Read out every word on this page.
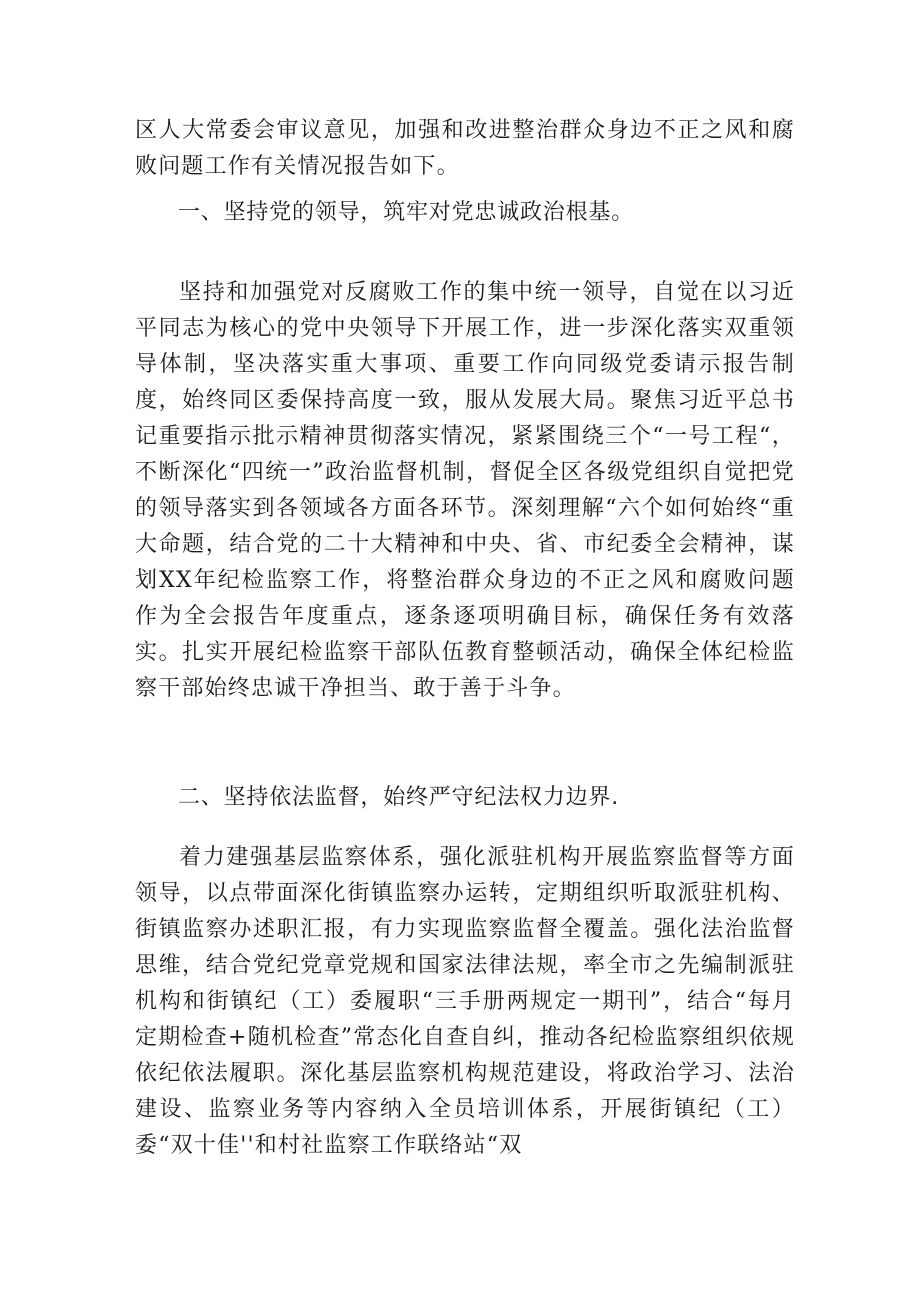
区人大常委会审议意见，加强和改进整治群众身边不正之风和腐败问题工作有关情况报告如下。

一、坚持党的领导，筑牢对党忠诚政治根基。

坚持和加强党对反腐败工作的集中统一领导，自觉在以习近平同志为核心的党中央领导下开展工作，进一步深化落实双重领导体制，坚决落实重大事项、重要工作向同级党委请示报告制度，始终同区委保持高度一致，服从发展大局。聚焦习近平总书记重要指示批示精神贯彻落实情况，紧紧围绕三个“一号工程“，不断深化“四统一”政治监督机制，督促全区各级党组织自觉把党的领导落实到各领域各方面各环节。深刻理解“六个如何始终“重大命题，结合党的二十大精神和中央、省、市纪委全会精神，谋划XX年纪检监察工作，将整治群众身边的不正之风和腐败问题作为全会报告年度重点，逐条逐项明确目标，确保任务有效落实。扎实开展纪检监察干部队伍教育整顿活动，确保全体纪检监察干部始终忠诚干净担当、敢于善于斗争。

二、坚持依法监督，始终严守纪法权力边界.

着力建强基层监察体系，强化派驻机构开展监察监督等方面领导，以点带面深化街镇监察办运转，定期组织听取派驻机构、街镇监察办述职汇报，有力实现监察监督全覆盖。强化法治监督思维，结合党纪党章党规和国家法律法规，率全市之先编制派驻机构和街镇纪（工）委履职“三手册两规定一期刊”，结合“每月定期检查+随机检查”常态化自查自纠，推动各纪检监察组织依规依纪依法履职。深化基层监察机构规范建设，将政治学习、法治建设、监察业务等内容纳入全员培训体系，开展街镇纪（工）委“双十佳''和村社监察工作联络站“双
